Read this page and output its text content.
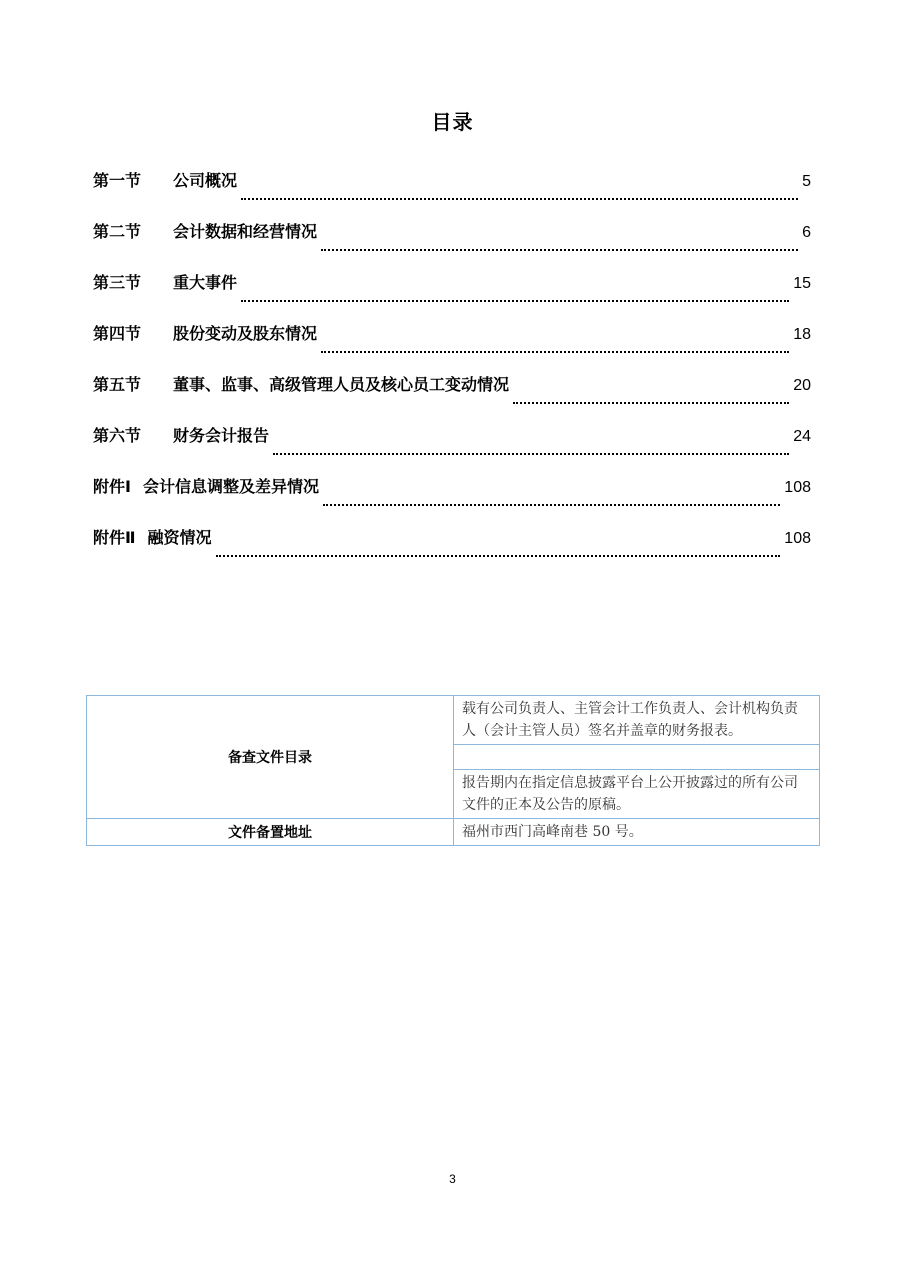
目录
第一节	公司概况	5
第二节	会计数据和经营情况	6
第三节	重大事件	15
第四节	股份变动及股东情况	18
第五节	董事、监事、高级管理人员及核心员工变动情况	20
第六节	财务会计报告	24
附件Ⅰ 会计信息调整及差异情况	108
附件Ⅱ 融资情况	108
备查文件目录	载有公司负责人、主管会计工作负责人、会计机构负责人（会计主管人员）签名并盖章的财务报表。

	报告期内在指定信息披露平台上公开披露过的所有公司文件的正本及公告的原稿。
文件备置地址	福州市西门高峰南巷 50 号。
3
